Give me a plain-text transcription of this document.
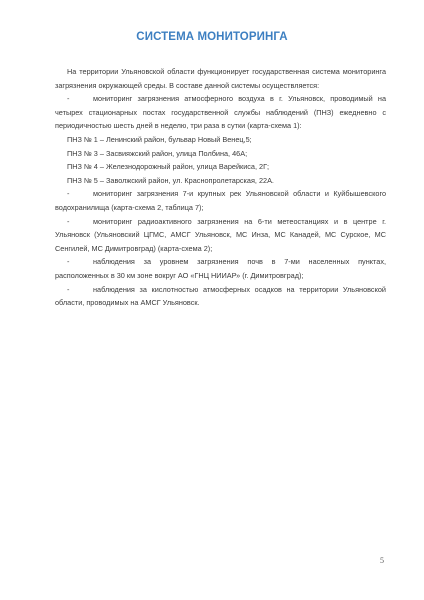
СИСТЕМА МОНИТОРИНГА

На территории Ульяновской области функционирует государственная система мониторинга загрязнения окружающей среды. В составе данной системы осуществляется:

-	мониторинг загрязнения атмосферного воздуха в г. Ульяновск, проводимый на четырех стационарных постах государственной службы наблюдений (ПНЗ) ежедневно с периодичностью шесть дней в неделю, три раза в сутки (карта-схема 1):

ПНЗ № 1 – Ленинский район, бульвар Новый Венец,5;

ПНЗ № 3 – Засвияжский район, улица Полбина, 46А;

ПНЗ № 4 – Железнодорожный район, улица Варейкиса, 2Г;

ПНЗ № 5 – Заволжский район, ул. Краснопролетарская, 22А.

-	мониторинг загрязнения 7-и крупных рек Ульяновской области и Куйбышевского водохранилища (карта-схема 2, таблица 7);

-	мониторинг радиоактивного загрязнения на 6-ти метеостанциях и в центре г. Ульяновск (Ульяновский ЦГМС, АМСГ Ульяновск, МС Инза, МС Канадей, МС Сурское, МС Сенгилей, МС Димитровград) (карта-схема 2);

-	наблюдения за уровнем загрязнения почв в 7-ми населенных пунктах, расположенных в 30 км зоне вокруг АО «ГНЦ НИИАР» (г. Димитровград);

-	наблюдения за кислотностью атмосферных осадков на территории Ульяновской области, проводимых на АМСГ Ульяновск.

5
